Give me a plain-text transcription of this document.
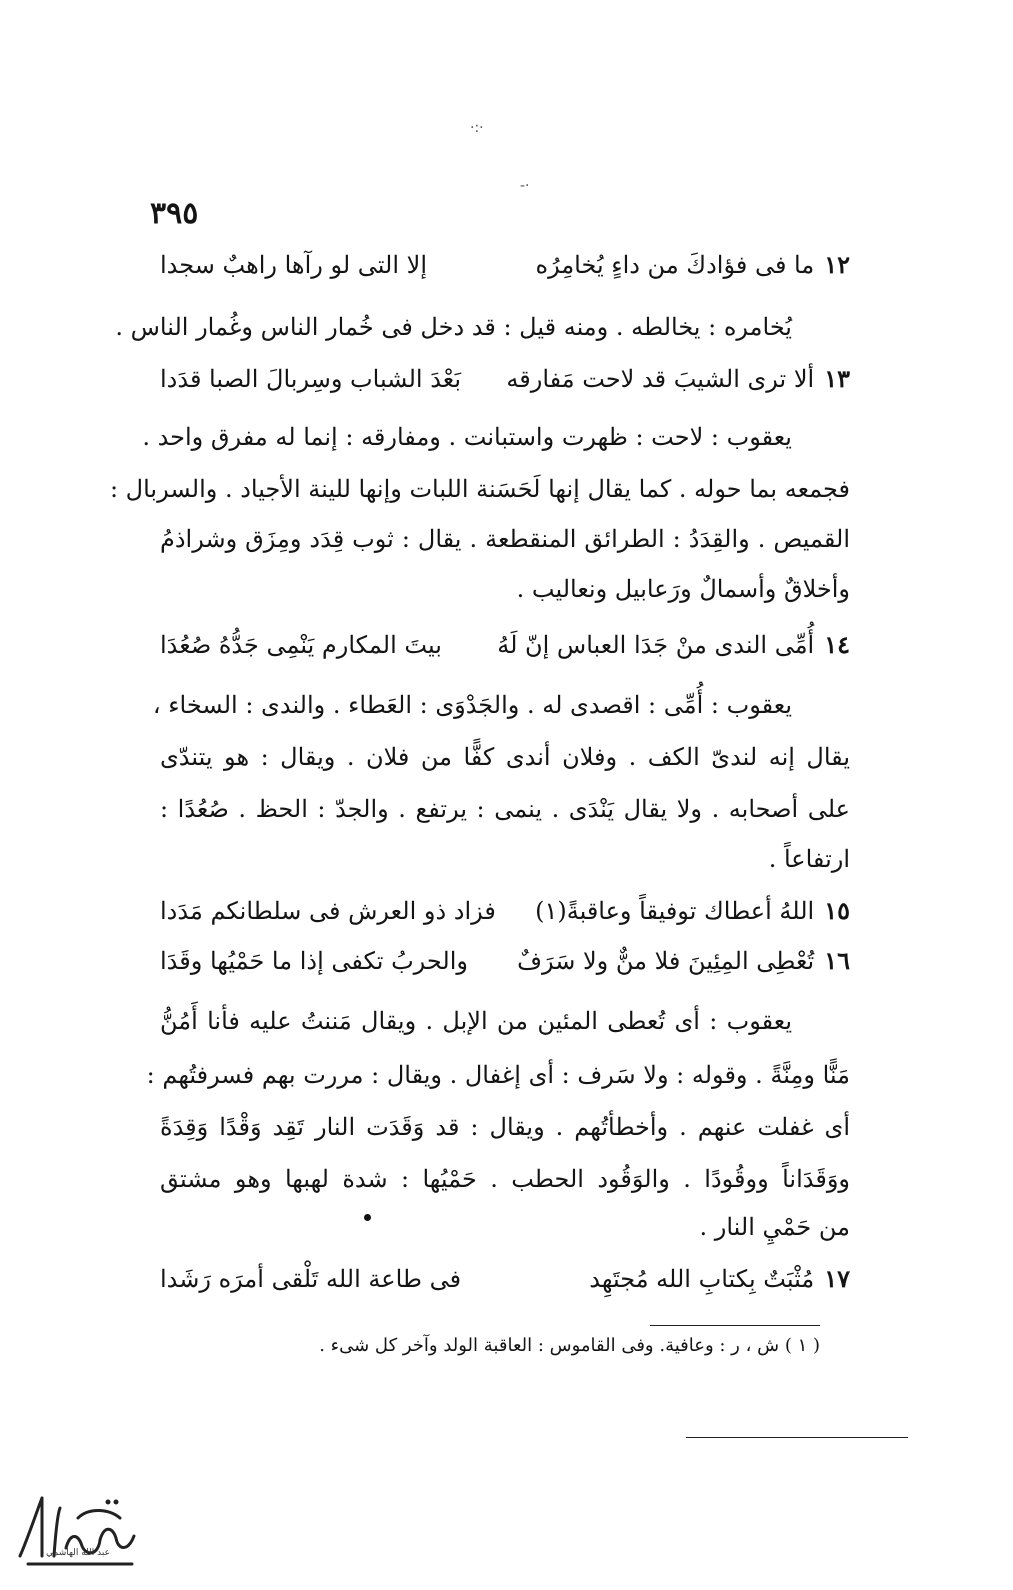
·:·
-·
٣٩٥
١٢ما فى فؤادكَ من داءٍ يُخامِرُه
إلا التى لو رآها راهبٌ سجدا
يُخامره : يخالطه . ومنه قيل : قد دخل فى خُمار الناس وغُمار الناس .
١٣ألا ترى الشيبَ قد لاحت مَفارقه
بَعْدَ الشباب وسِربالَ الصبا قدَدا
يعقوب : لاحت : ظهرت واستبانت . ومفارقه : إنما له مفرق واحد .
فجمعه بما حوله . كما يقال إنها لَحَسَنة اللبات وإنها للينة الأجياد . والسربال :
القميص . والقِدَدُ : الطرائق المنقطعة . يقال : ثوب قِدَد ومِزَق وشراذمُ
وأخلاقٌ وأسمالٌ ورَعابيل ونعاليب .
١٤أُمِّى الندى منْ جَدَا العباس إنّ لَهُ
بيتَ المكارم يَنْمِى جَدُّهُ صُعُدَا
يعقوب : أُمِّى : اقصدى له . والجَدْوَى : العَطاء . والندى : السخاء ،
يقال إنه لندىّ الكف . وفلان أندى كفًّا من فلان . ويقال : هو يتندّى
على أصحابه . ولا يقال يَنْدَى . ينمى : يرتفع . والجدّ : الحظ . صُعُدًا :
ارتفاعاً .
١٥اللهُ أعطاك توفيقاً وعاقبةً(١)
فزاد ذو العرش فى سلطانكم مَدَدا
١٦تُعْطِى المِئِينَ فلا منٌّ ولا سَرَفٌ
والحربُ تكفى إذا ما حَمْيُها وقَدَا
يعقوب : أى تُعطى المئين من الإبل . ويقال مَننتُ عليه فأنا أَمُنُّ
مَنًّا ومِنَّةً . وقوله : ولا سَرف : أى إغفال . ويقال : مررت بهم فسرفتُهم :
أى غفلت عنهم . وأخطأتُهم . ويقال : قد وَقَدَت النار تَقِد وَقْدًا وَقِدَةً
ووَقَدَاناً ووقُودًا . والوَقُود الحطب . حَمْيُها : شدة لهبها وهو مشتق
من حَمْيِ النار .
١٧مُثْبَتٌ بِكتابِ الله مُجتَهِد
فى طاعة الله تَلْقى أمرَه رَشَدا
( ١ ) ش ، ر : وعافية. وفى القاموس : العاقبة الولد وآخر كل شىء .
عبد الله الهاشمي
